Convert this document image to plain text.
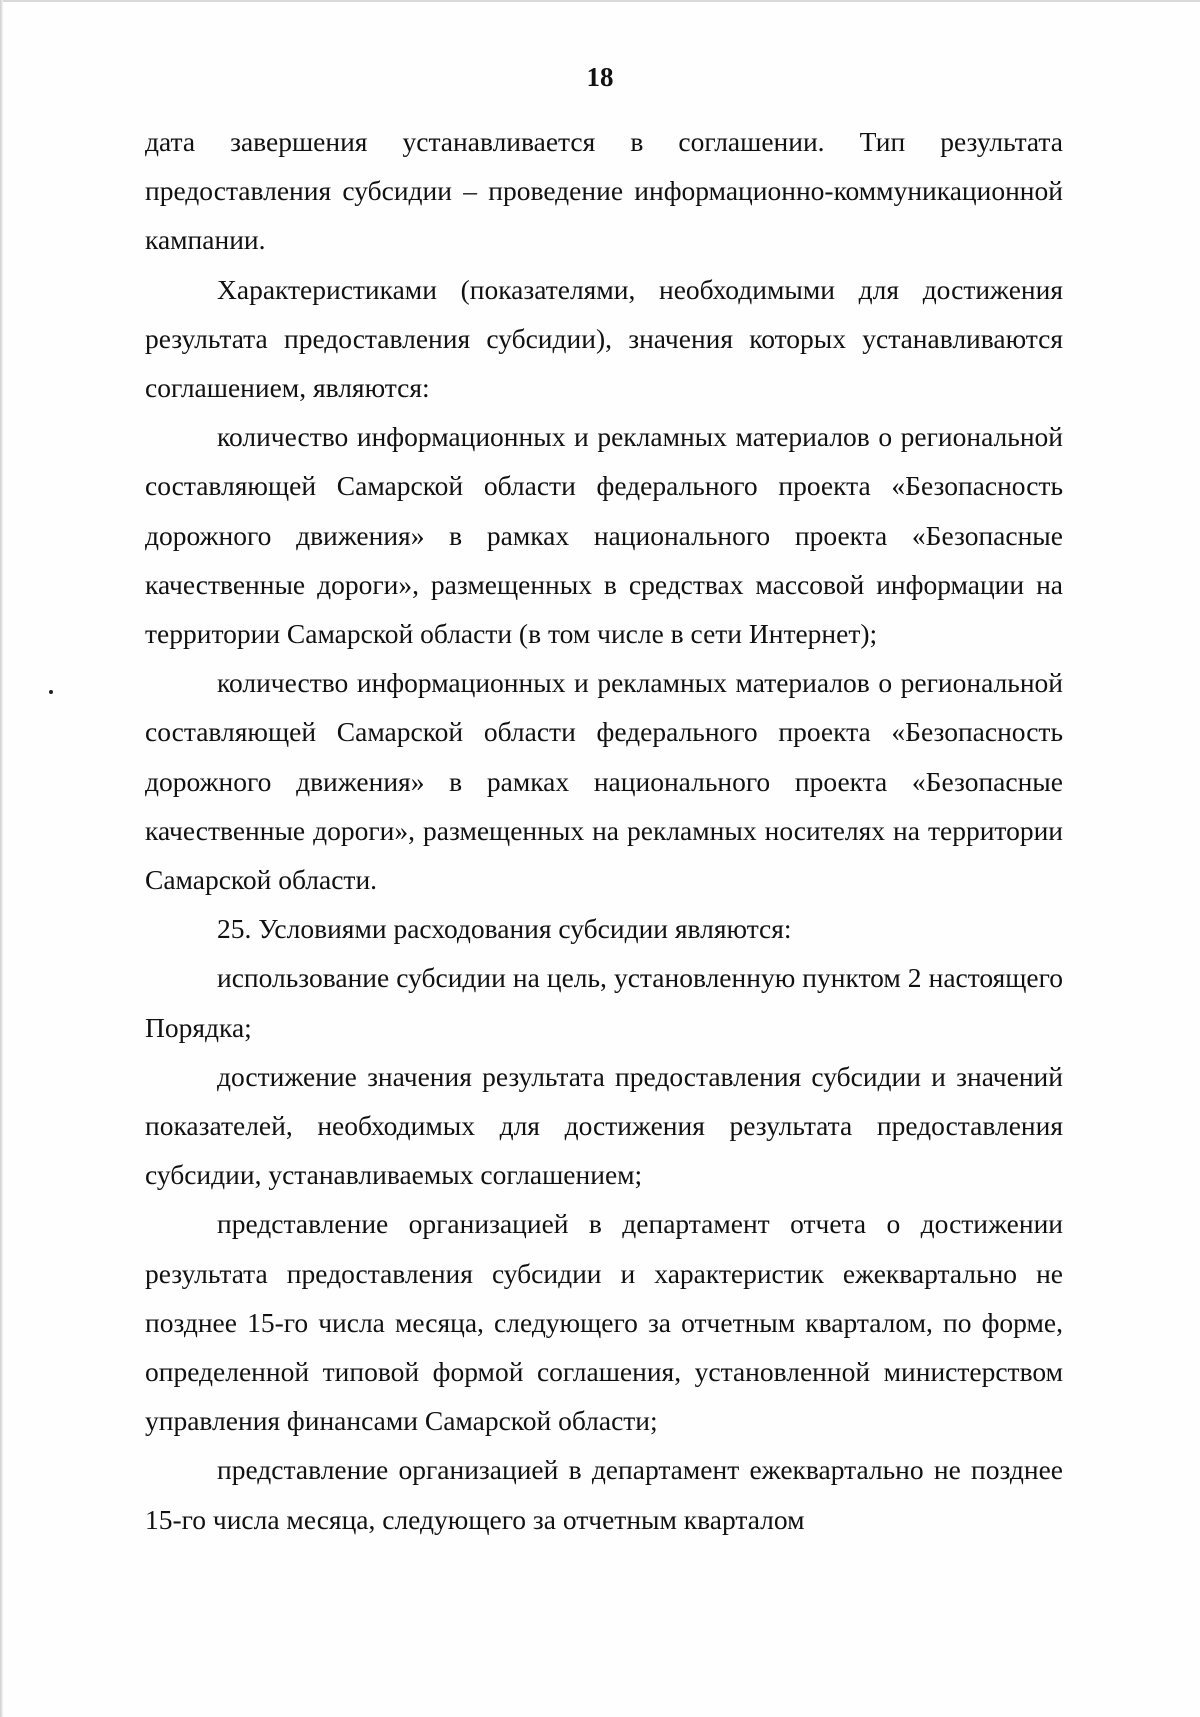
18

дата завершения устанавливается в соглашении. Тип результата предоставления субсидии – проведение информационно-коммуникационной кампании.

Характеристиками (показателями, необходимыми для достижения результата предоставления субсидии), значения которых устанавливаются соглашением, являются:

количество информационных и рекламных материалов о региональной составляющей Самарской области федерального проекта «Безопасность дорожного движения» в рамках национального проекта «Безопасные качественные дороги», размещенных в средствах массовой информации на территории Самарской области (в том числе в сети Интернет);

количество информационных и рекламных материалов о региональной составляющей Самарской области федерального проекта «Безопасность дорожного движения» в рамках национального проекта «Безопасные качественные дороги», размещенных на рекламных носителях на территории Самарской области.

25. Условиями расходования субсидии являются:

использование субсидии на цель, установленную пунктом 2 настоящего Порядка;

достижение значения результата предоставления субсидии и значений показателей, необходимых для достижения результата предоставления субсидии, устанавливаемых соглашением;

представление организацией в департамент отчета о достижении результата предоставления субсидии и характеристик ежеквартально не позднее 15-го числа месяца, следующего за отчетным кварталом, по форме, определенной типовой формой соглашения, установленной министерством управления финансами Самарской области;

представление организацией в департамент ежеквартально не позднее 15-го числа месяца, следующего за отчетным кварталом
